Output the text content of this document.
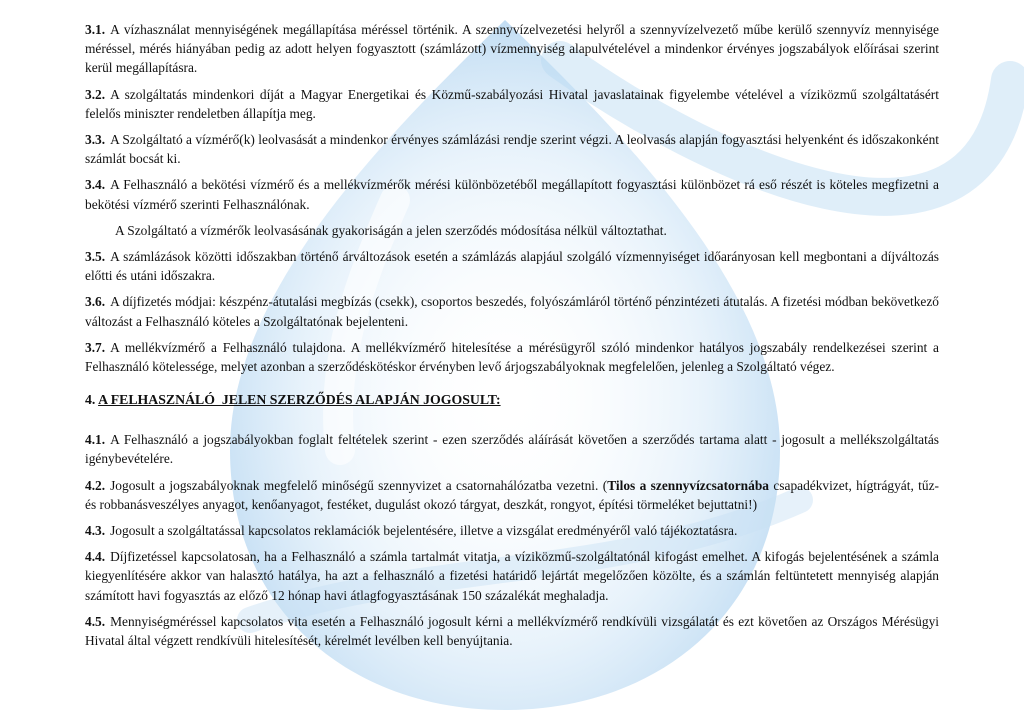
3.1. A vízhasználat mennyiségének megállapítása méréssel történik. A szennyvízelvezetési helyről a szennyvízelvezető műbe kerülő szennyvíz mennyisége méréssel, mérés hiányában pedig az adott helyen fogyasztott (számlázott) vízmennyiség alapulvételével a mindenkor érvényes jogszabályok előírásai szerint kerül megállapításra.

3.2. A szolgáltatás mindenkori díját a Magyar Energetikai és Közmű-szabályozási Hivatal javaslatainak figyelembe vételével a víziközmű szolgáltatásért felelős miniszter rendeletben állapítja meg.

3.3. A Szolgáltató a vízmérő(k) leolvasását a mindenkor érvényes számlázási rendje szerint végzi. A leolvasás alapján fogyasztási helyenként és időszakonként számlát bocsát ki.

3.4. A Felhasználó a bekötési vízmérő és a mellékvízmérők mérési különbözetéből megállapított fogyasztási különbözet rá eső részét is köteles megfizetni a bekötési vízmérő szerinti Felhasználónak.

A Szolgáltató a vízmérők leolvasásának gyakoriságán a jelen szerződés módosítása nélkül változtathat.

3.5. A számlázások közötti időszakban történő árváltozások esetén a számlázás alapjául szolgáló vízmennyiséget időarányosan kell megbontani a díjváltozás előtti és utáni időszakra.

3.6. A díjfizetés módjai: készpénz-átutalási megbízás (csekk), csoportos beszedés, folyószámláról történő pénzintézeti átutalás. A fizetési módban bekövetkező változást a Felhasználó köteles a Szolgáltatónak bejelenteni.

3.7. A mellékvízmérő a Felhasználó tulajdona. A mellékvízmérő hitelesítése a mérésügyről szóló mindenkor hatályos jogszabály rendelkezései szerint a Felhasználó kötelessége, melyet azonban a szerződéskötéskor érvényben levő árjogszabályoknak megfelelően, jelenleg a Szolgáltató végez.

4. A FELHASZNÁLÓ  JELEN SZERZŐDÉS ALAPJÁN JOGOSULT:

4.1. A Felhasználó a jogszabályokban foglalt feltételek szerint - ezen szerződés aláírását követően a szerződés tartama alatt - jogosult a mellékszolgáltatás igénybevételére.

4.2. Jogosult a jogszabályoknak megfelelő minőségű szennyvizet a csatornahálózatba vezetni. (Tilos a szennyvízcsatornába csapadékvizet, hígtrágyát, tűz- és robbanásveszélyes anyagot, kenőanyagot, festéket, dugulást okozó tárgyat, deszkát, rongyot, építési törmeléket bejuttatni!)

4.3. Jogosult a szolgáltatással kapcsolatos reklamációk bejelentésére, illetve a vizsgálat eredményéről való tájékoztatásra.

4.4. Díjfizetéssel kapcsolatosan, ha a Felhasználó a számla tartalmát vitatja, a víziközmű-szolgáltatónál kifogást emelhet. A kifogás bejelentésének a számla kiegyenlítésére akkor van halasztó hatálya, ha azt a felhasználó a fizetési határidő lejártát megelőzően közölte, és a számlán feltüntetett mennyiség alapján számított havi fogyasztás az előző 12 hónap havi átlagfogyasztásának 150 százalékát meghaladja.

4.5. Mennyiségméréssel kapcsolatos vita esetén a Felhasználó jogosult kérni a mellékvízmérő rendkívüli vizsgálatát és ezt követően az Országos Mérésügyi Hivatal által végzett rendkívüli hitelesítését, kérelmét levélben kell benyújtania.
